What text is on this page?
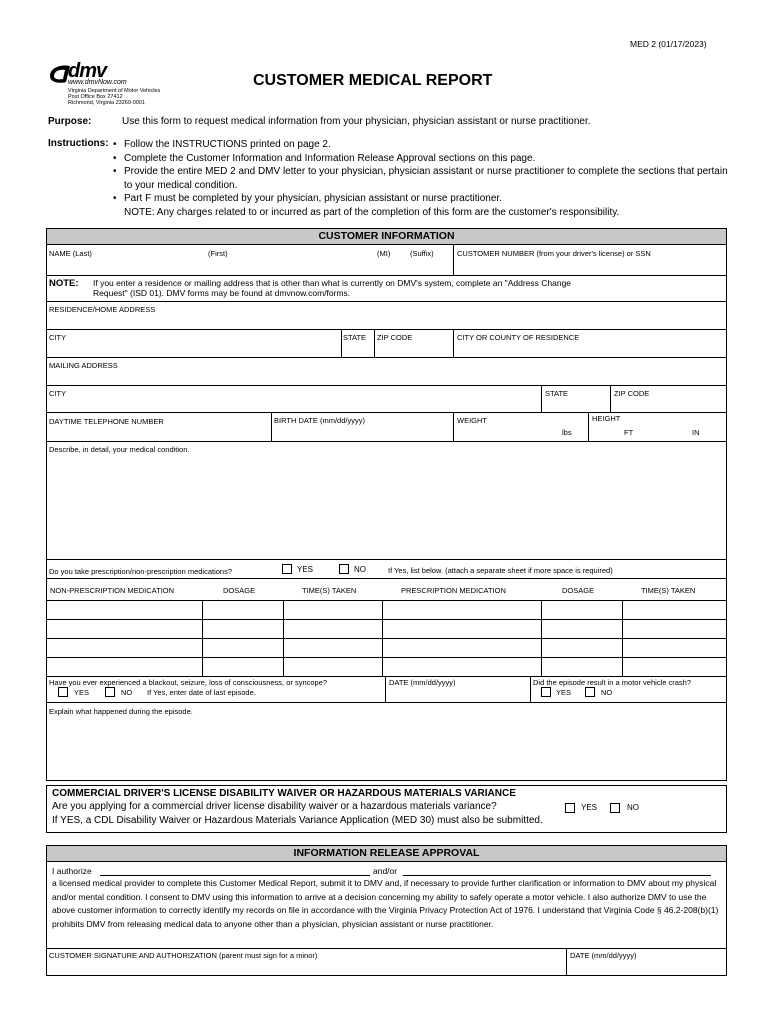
MED 2 (01/17/2023)
dmv
www.dmvNow.com
Virginia Department of Motor Vehicles
Post Office Box 27412
Richmond, Virginia 23269-0001
CUSTOMER MEDICAL REPORT
Purpose:	Use this form to request medical information from your physician, physician assistant or nurse practitioner.
Instructions:
•	Follow the INSTRUCTIONS printed on page 2.
• Complete the Customer Information and Information Release Approval sections on this page.
• Provide the entire MED 2 and DMV letter to your physician, physician assistant or nurse practitioner to complete the sections that pertain to your medical condition.
• Part F must be completed by your physician, physician assistant or nurse practitioner.
NOTE: Any charges related to or incurred as part of the completion of this form are the customer's responsibility.
CUSTOMER INFORMATION
NAME (Last)	(First)	(MI)	(Suffix)	CUSTOMER NUMBER (from your driver's license) or SSN
NOTE: If you enter a residence or mailing address that is other than what is currently on DMV's system, complete an "Address Change Request" (ISD 01). DMV forms may be found at dmvnow.com/forms.
RESIDENCE/HOME ADDRESS
CITY	STATE ZIP CODE	CITY OR COUNTY OF RESIDENCE
MAILING ADDRESS
CITY	STATE	ZIP CODE
DAYTIME TELEPHONE NUMBER	BIRTH DATE (mm/dd/yyyy)	WEIGHT
lbs
HEIGHT
FT	IN
Describe, in detail, your medical condition.
Do you take prescription/non-prescription medications?	YES	NO	If Yes, list below. (attach a separate sheet if more space is required)
NON-PRESCRIPTION MEDICATION	DOSAGE	TIME(S) TAKEN	PRESCRIPTION MEDICATION	DOSAGE	TIME(S) TAKEN
Have you ever experienced a blackout, seizure, loss of consciousness, or syncope?
YES	NO If Yes, enter date of last episode.
DATE (mm/dd/yyyy)	Did the episode result in a motor vehicle crash?
YES	NO
Explain what happened during the episode.
COMMERCIAL DRIVER'S LICENSE DISABILITY WAIVER OR HAZARDOUS MATERIALS VARIANCE
Are you applying for a commercial driver license disability waiver or a hazardous materials variance?	YES	NO
If YES, a CDL Disability Waiver or Hazardous Materials Variance Application (MED 30) must also be submitted.
INFORMATION RELEASE APPROVAL
I authorize	and/or
a licensed medical provider to complete this Customer Medical Report, submit it to DMV and, if necessary to provide further clarification or information to DMV about my physical and/or mental condition. I consent to DMV using this information to arrive at a decision concerning my ability to safely operate a motor vehicle. I also authorize DMV to use the above customer information to correctly identify my records on file in accordance with the Virginia Privacy Protection Act of 1976. I understand that Virginia Code § 46.2-208(b)(1) prohibits DMV from releasing medical data to anyone other than a physician, physician assistant or nurse practitioner.
CUSTOMER SIGNATURE AND AUTHORIZATION (parent must sign for a minor)	DATE (mm/dd/yyyy)
